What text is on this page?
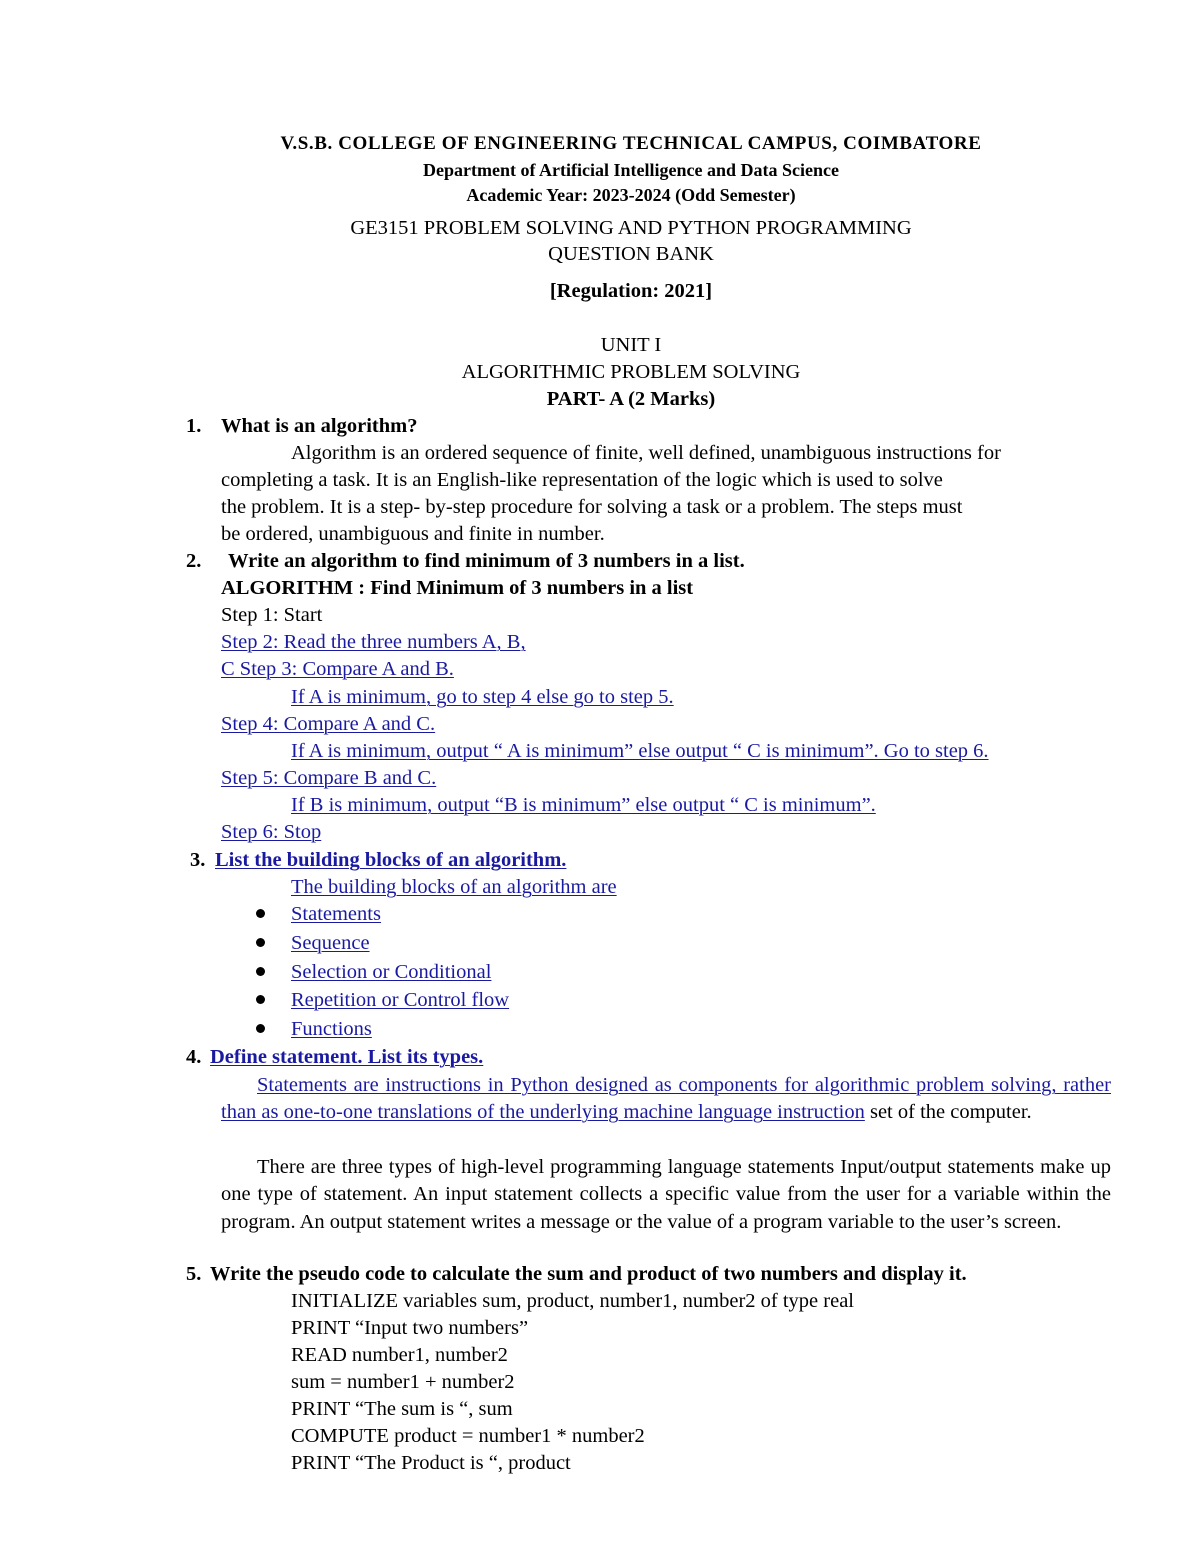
V.S.B. COLLEGE OF ENGINEERING TECHNICAL CAMPUS, COIMBATORE
Department of Artificial Intelligence and Data Science
Academic Year: 2023-2024 (Odd Semester)
GE3151 PROBLEM SOLVING AND PYTHON PROGRAMMING
QUESTION BANK
[Regulation: 2021]
UNIT I
ALGORITHMIC PROBLEM SOLVING
PART- A (2 Marks)
1. What is an algorithm?
Algorithm is an ordered sequence of finite, well defined, unambiguous instructions for
completing a task. It is an English-like representation of the logic which is used to solve
the problem. It is a step- by-step procedure for solving a task or a problem. The steps must
be ordered, unambiguous and finite in number.
2. Write an algorithm to find minimum of 3 numbers in a list.
ALGORITHM : Find Minimum of 3 numbers in a list
Step 1: Start
Step 2: Read the three numbers A, B,
C Step 3: Compare A and B.
If A is minimum, go to step 4 else go to step 5.
Step 4: Compare A and C.
If A is minimum, output “ A is minimum” else output “ C is minimum”. Go to step 6.
Step 5: Compare B and C.
If B is minimum, output “B is minimum” else output “ C is minimum”.
Step 6: Stop
3. List the building blocks of an algorithm.
The building blocks of an algorithm are
Statements
Sequence
Selection or Conditional
Repetition or Control flow
Functions
4. Define statement. List its types.
Statements are instructions in Python designed as components for algorithmic problem solving, rather than as one-to-one translations of the underlying machine language instruction set of the computer.
There are three types of high-level programming language statements Input/output statements make up one type of statement. An input statement collects a specific value from the user for a variable within the program. An output statement writes a message or the value of a program variable to the user’s screen.
5. Write the pseudo code to calculate the sum and product of two numbers and display it.
INITIALIZE variables sum, product, number1, number2 of type real
PRINT “Input two numbers”
READ number1, number2
sum = number1 + number2
PRINT “The sum is “, sum
COMPUTE product = number1 * number2
PRINT “The Product is “, product
